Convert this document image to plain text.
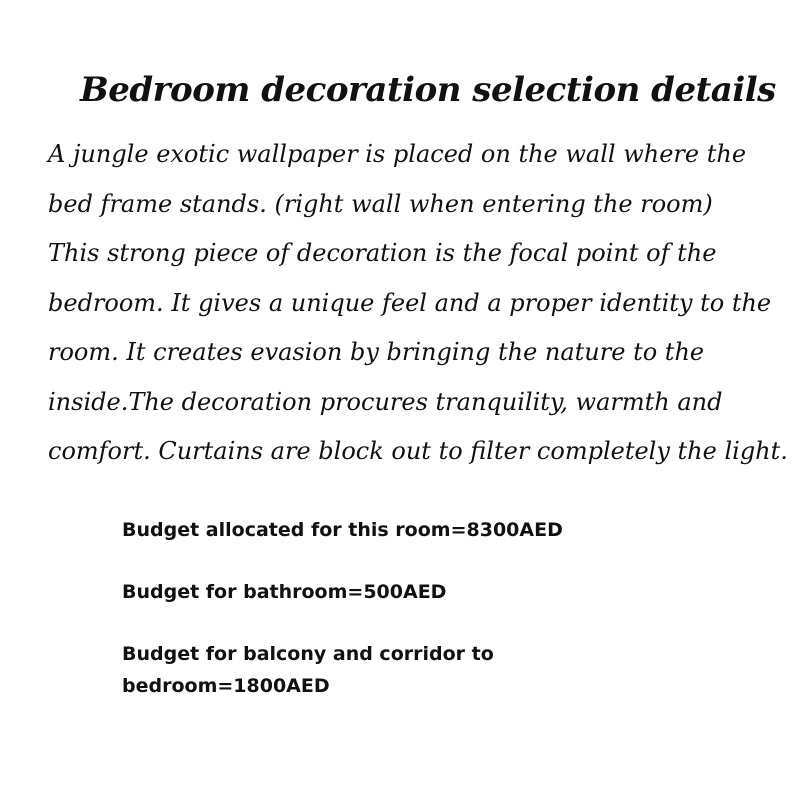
Bedroom decoration selection details

A jungle exotic wallpaper is placed on the wall where the
bed frame stands. (right wall when entering the room)
This strong piece of decoration is the focal point of the
bedroom. It gives a unique feel and a proper identity to the
room. It creates evasion by bringing the nature to the
inside.The decoration procures tranquility, warmth and
comfort. Curtains are block out to filter completely the light.

Budget allocated for this room=8300AED
Budget for bathroom=500AED
Budget for balcony and corridor to
bedroom=1800AED
